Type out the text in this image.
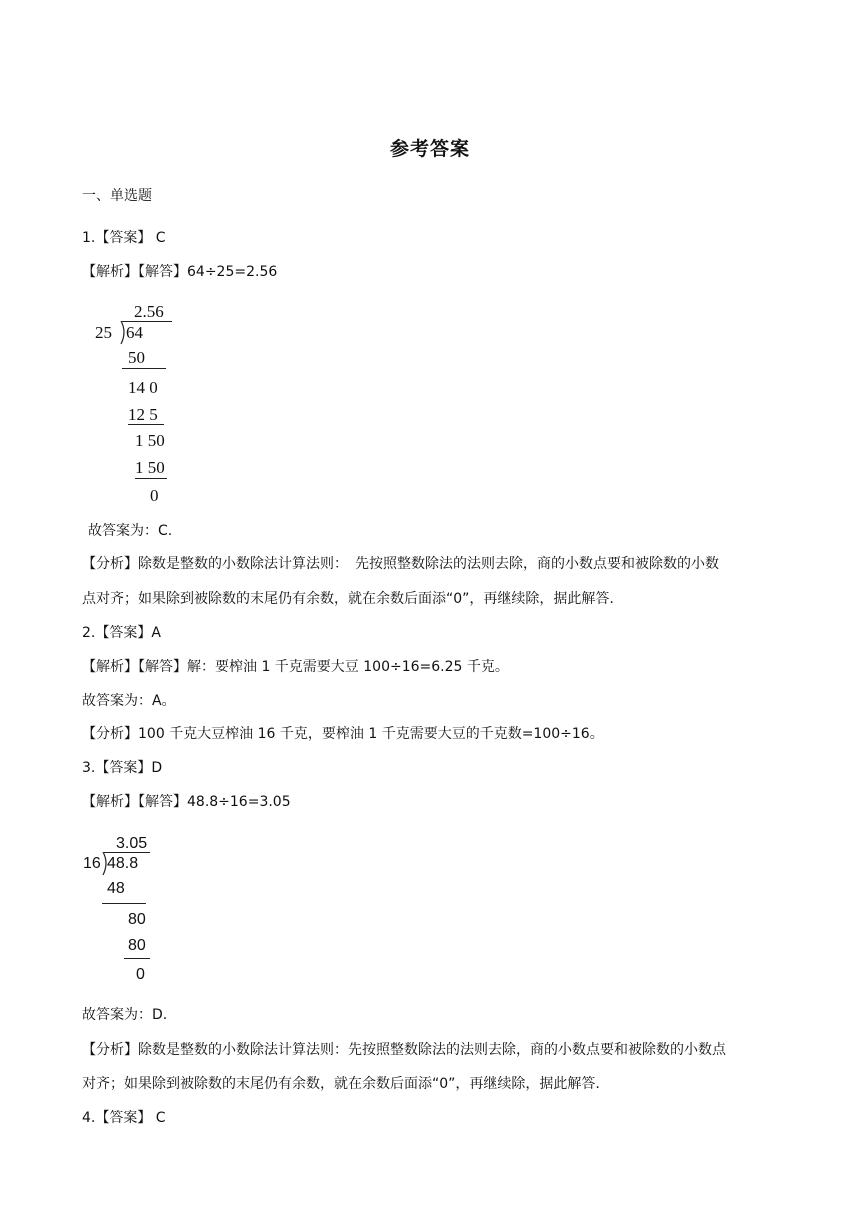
参考答案
一、单选题
1.【答案】 C
【解析】【解答】64÷25=2.56
2.56
25 64
50
14 0
12 5
1 50
1 50
0
故答案为：C.
【分析】除数是整数的小数除法计算法则：　先按照整数除法的法则去除，商的小数点要和被除数的小数
点对齐；如果除到被除数的末尾仍有余数，就在余数后面添“0”，再继续除，据此解答.
2.【答案】A
【解析】【解答】解：要榨油 1 千克需要大豆 100÷16=6.25 千克。
故答案为：A。
【分析】100 千克大豆榨油 16 千克，要榨油 1 千克需要大豆的千克数=100÷16。
3.【答案】D
【解析】【解答】48.8÷16=3.05
3.05
16 48.8
48
80
80
0
故答案为：D.
【分析】除数是整数的小数除法计算法则：先按照整数除法的法则去除，商的小数点要和被除数的小数点
对齐；如果除到被除数的末尾仍有余数，就在余数后面添“0”，再继续除，据此解答.
4.【答案】 C
